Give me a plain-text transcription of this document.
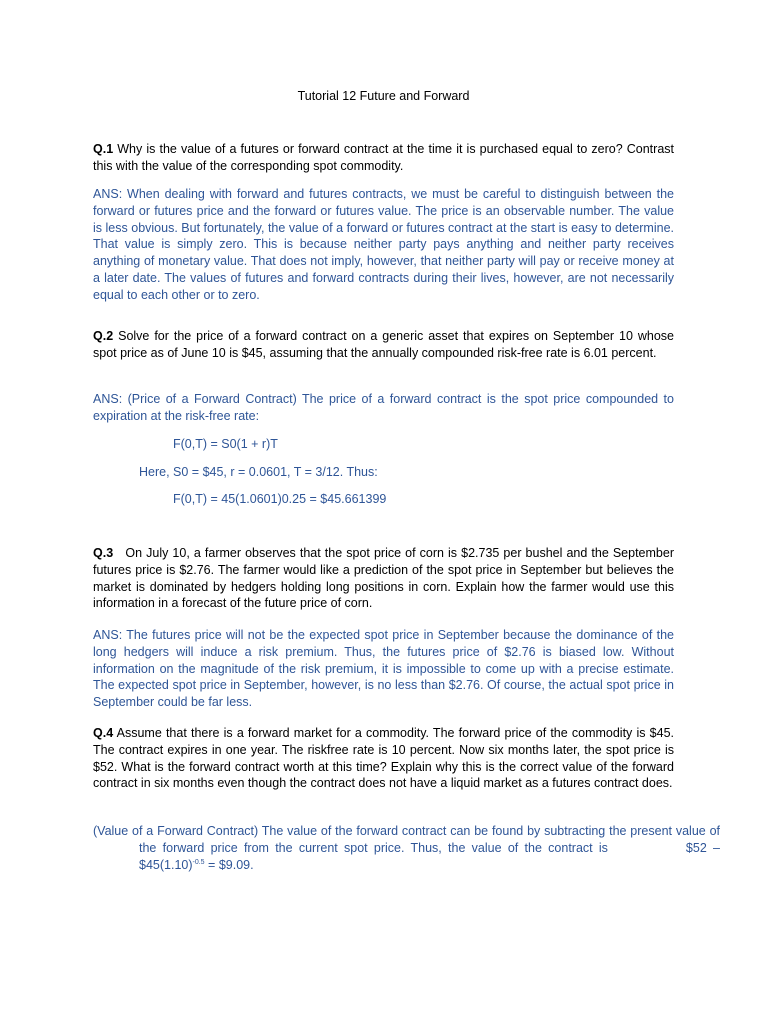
Tutorial 12 Future and Forward
Q.1 Why is the value of a futures or forward contract at the time it is purchased equal to zero? Contrast this with the value of the corresponding spot commodity.
ANS: When dealing with forward and futures contracts, we must be careful to distinguish between the forward or futures price and the forward or futures value. The price is an observable number. The value is less obvious. But fortunately, the value of a forward or futures contract at the start is easy to determine. That value is simply zero. This is because neither party pays anything and neither party receives anything of monetary value. That does not imply, however, that neither party will pay or receive money at a later date. The values of futures and forward contracts during their lives, however, are not necessarily equal to each other or to zero.
Q.2 Solve for the price of a forward contract on a generic asset that expires on September 10 whose spot price as of June 10 is $45, assuming that the annually compounded risk-free rate is 6.01 percent.
ANS: (Price of a Forward Contract) The price of a forward contract is the spot price compounded to expiration at the risk-free rate:
F(0,T) = S0(1 + r)T
Here, S0 = $45, r = 0.0601, T = 3/12. Thus:
F(0,T) = 45(1.0601)0.25 = $45.661399
Q.3   On July 10, a farmer observes that the spot price of corn is $2.735 per bushel and the September futures price is $2.76. The farmer would like a prediction of the spot price in September but believes the market is dominated by hedgers holding long positions in corn. Explain how the farmer would use this information in a forecast of the future price of corn.
ANS: The futures price will not be the expected spot price in September because the dominance of the long hedgers will induce a risk premium. Thus, the futures price of $2.76 is biased low. Without information on the magnitude of the risk premium, it is impossible to come up with a precise estimate. The expected spot price in September, however, is no less than $2.76. Of course, the actual spot price in September could be far less.
Q.4 Assume that there is a forward market for a commodity. The forward price of the commodity is $45. The contract expires in one year. The riskfree rate is 10 percent. Now six months later, the spot price is $52. What is the forward contract worth at this time? Explain why this is the correct value of the forward contract in six months even though the contract does not have a liquid market as a futures contract does.
(Value of a Forward Contract) The value of the forward contract can be found by subtracting the present value of the forward price from the current spot price. Thus, the value of the contract is	$52 – $\$45(1.10)^{-0.5}$ = $9.09.
